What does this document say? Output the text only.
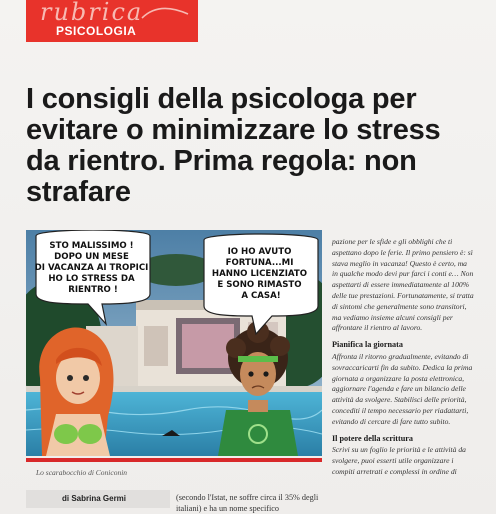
rubrica
PSICOLOGIA
I consigli della psicologa per evitare o minimizzare lo stress da rientro. Prima regola: non strafare
STO MALISSIMO ! DOPO UN MESE DI VACANZA AI TROPICI HO LO STRESS DA RIENTRO !
IO HO AVUTO FORTUNA...MI HANNO LICENZIATO E SONO RIMASTO A CASA!
Lo scarabocchio di Coniconin
di Sabrina Germi	(secondo l'Istat, ne soffre circa il 35% degli italiani) e ha un nome specifico

pazione per le sfide e gli obblighi che ti aspettano dopo le ferie. Il primo pensiero è: sì stava meglio in vacanza! Questo è certo, ma in qualche modo devi pur farci i conti e… Non aspettarti di essere immediatamente al 100% delle tue prestazioni. Fortunatamente, si tratta di sintomi che generalmente sono transitori, ma vediamo insieme alcuni consigli per affrontare il rientro al lavoro.

Pianifica la giornata

Affronta il ritorno gradualmente, evitando di sovraccaricarti fin da subito. Dedica la prima giornata a organizzare la posta elettronica, aggiornare l'agenda e fare un bilancio delle attività da svolgere. Stabilisci delle priorità, concediti il tempo necessario per riadattarti, evitando di cercare di fare tutto subito.

Il potere della scrittura

Scrivi su un foglio le priorità e le attività da svolgere, puoi esserti utile organizzare i compiti arretrati e complessi in ordine di
